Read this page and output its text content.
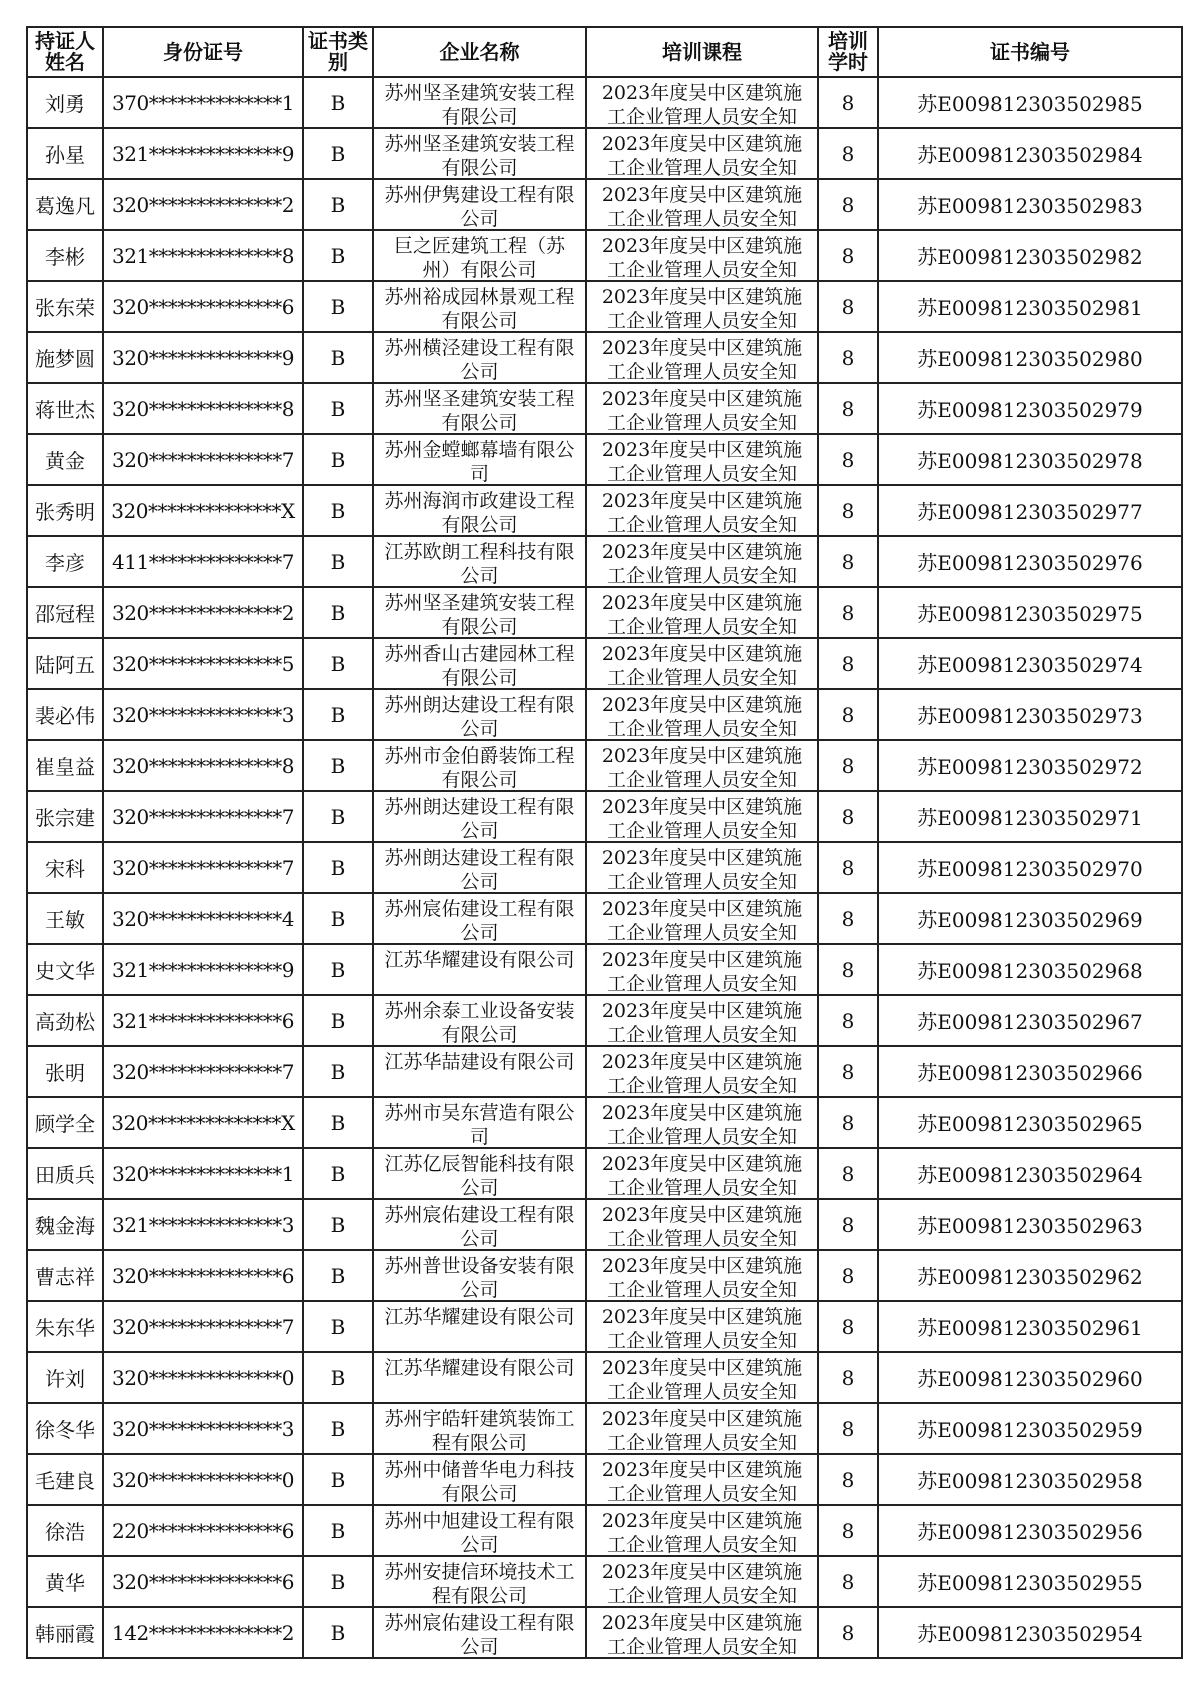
持证人姓名	身份证号	证书类别	企业名称	培训课程	培训学时	证书编号
刘勇	370**************1	B	苏州坚圣建筑安装工程有限公司	2023年度吴中区建筑施工企业管理人员安全知	8	苏E009812303502985
孙星	321**************9	B	苏州坚圣建筑安装工程有限公司	2023年度吴中区建筑施工企业管理人员安全知	8	苏E009812303502984
葛逸凡	320**************2	B	苏州伊隽建设工程有限公司	2023年度吴中区建筑施工企业管理人员安全知	8	苏E009812303502983
李彬	321**************8	B	巨之匠建筑工程（苏州）有限公司	2023年度吴中区建筑施工企业管理人员安全知	8	苏E009812303502982
张东荣	320**************6	B	苏州裕成园林景观工程有限公司	2023年度吴中区建筑施工企业管理人员安全知	8	苏E009812303502981
施梦圆	320**************9	B	苏州横泾建设工程有限公司	2023年度吴中区建筑施工企业管理人员安全知	8	苏E009812303502980
蒋世杰	320**************8	B	苏州坚圣建筑安装工程有限公司	2023年度吴中区建筑施工企业管理人员安全知	8	苏E009812303502979
黄金	320**************7	B	苏州金螳螂幕墙有限公司	2023年度吴中区建筑施工企业管理人员安全知	8	苏E009812303502978
张秀明	320**************X	B	苏州海润市政建设工程有限公司	2023年度吴中区建筑施工企业管理人员安全知	8	苏E009812303502977
李彦	411**************7	B	江苏欧朗工程科技有限公司	2023年度吴中区建筑施工企业管理人员安全知	8	苏E009812303502976
邵冠程	320**************2	B	苏州坚圣建筑安装工程有限公司	2023年度吴中区建筑施工企业管理人员安全知	8	苏E009812303502975
陆阿五	320**************5	B	苏州香山古建园林工程有限公司	2023年度吴中区建筑施工企业管理人员安全知	8	苏E009812303502974
裴必伟	320**************3	B	苏州朗达建设工程有限公司	2023年度吴中区建筑施工企业管理人员安全知	8	苏E009812303502973
崔皇益	320**************8	B	苏州市金伯爵装饰工程有限公司	2023年度吴中区建筑施工企业管理人员安全知	8	苏E009812303502972
张宗建	320**************7	B	苏州朗达建设工程有限公司	2023年度吴中区建筑施工企业管理人员安全知	8	苏E009812303502971
宋科	320**************7	B	苏州朗达建设工程有限公司	2023年度吴中区建筑施工企业管理人员安全知	8	苏E009812303502970
王敏	320**************4	B	苏州宸佑建设工程有限公司	2023年度吴中区建筑施工企业管理人员安全知	8	苏E009812303502969
史文华	321**************9	B	江苏华耀建设有限公司	2023年度吴中区建筑施工企业管理人员安全知	8	苏E009812303502968
高劲松	321**************6	B	苏州余泰工业设备安装有限公司	2023年度吴中区建筑施工企业管理人员安全知	8	苏E009812303502967
张明	320**************7	B	江苏华喆建设有限公司	2023年度吴中区建筑施工企业管理人员安全知	8	苏E009812303502966
顾学全	320**************X	B	苏州市吴东营造有限公司	2023年度吴中区建筑施工企业管理人员安全知	8	苏E009812303502965
田质兵	320**************1	B	江苏亿辰智能科技有限公司	2023年度吴中区建筑施工企业管理人员安全知	8	苏E009812303502964
魏金海	321**************3	B	苏州宸佑建设工程有限公司	2023年度吴中区建筑施工企业管理人员安全知	8	苏E009812303502963
曹志祥	320**************6	B	苏州普世设备安装有限公司	2023年度吴中区建筑施工企业管理人员安全知	8	苏E009812303502962
朱东华	320**************7	B	江苏华耀建设有限公司	2023年度吴中区建筑施工企业管理人员安全知	8	苏E009812303502961
许刘	320**************0	B	江苏华耀建设有限公司	2023年度吴中区建筑施工企业管理人员安全知	8	苏E009812303502960
徐冬华	320**************3	B	苏州宇皓轩建筑装饰工程有限公司	2023年度吴中区建筑施工企业管理人员安全知	8	苏E009812303502959
毛建良	320**************0	B	苏州中储普华电力科技有限公司	2023年度吴中区建筑施工企业管理人员安全知	8	苏E009812303502958
徐浩	220**************6	B	苏州中旭建设工程有限公司	2023年度吴中区建筑施工企业管理人员安全知	8	苏E009812303502956
黄华	320**************6	B	苏州安捷信环境技术工程有限公司	2023年度吴中区建筑施工企业管理人员安全知	8	苏E009812303502955
韩丽霞	142**************2	B	苏州宸佑建设工程有限公司	2023年度吴中区建筑施工企业管理人员安全知	8	苏E009812303502954
